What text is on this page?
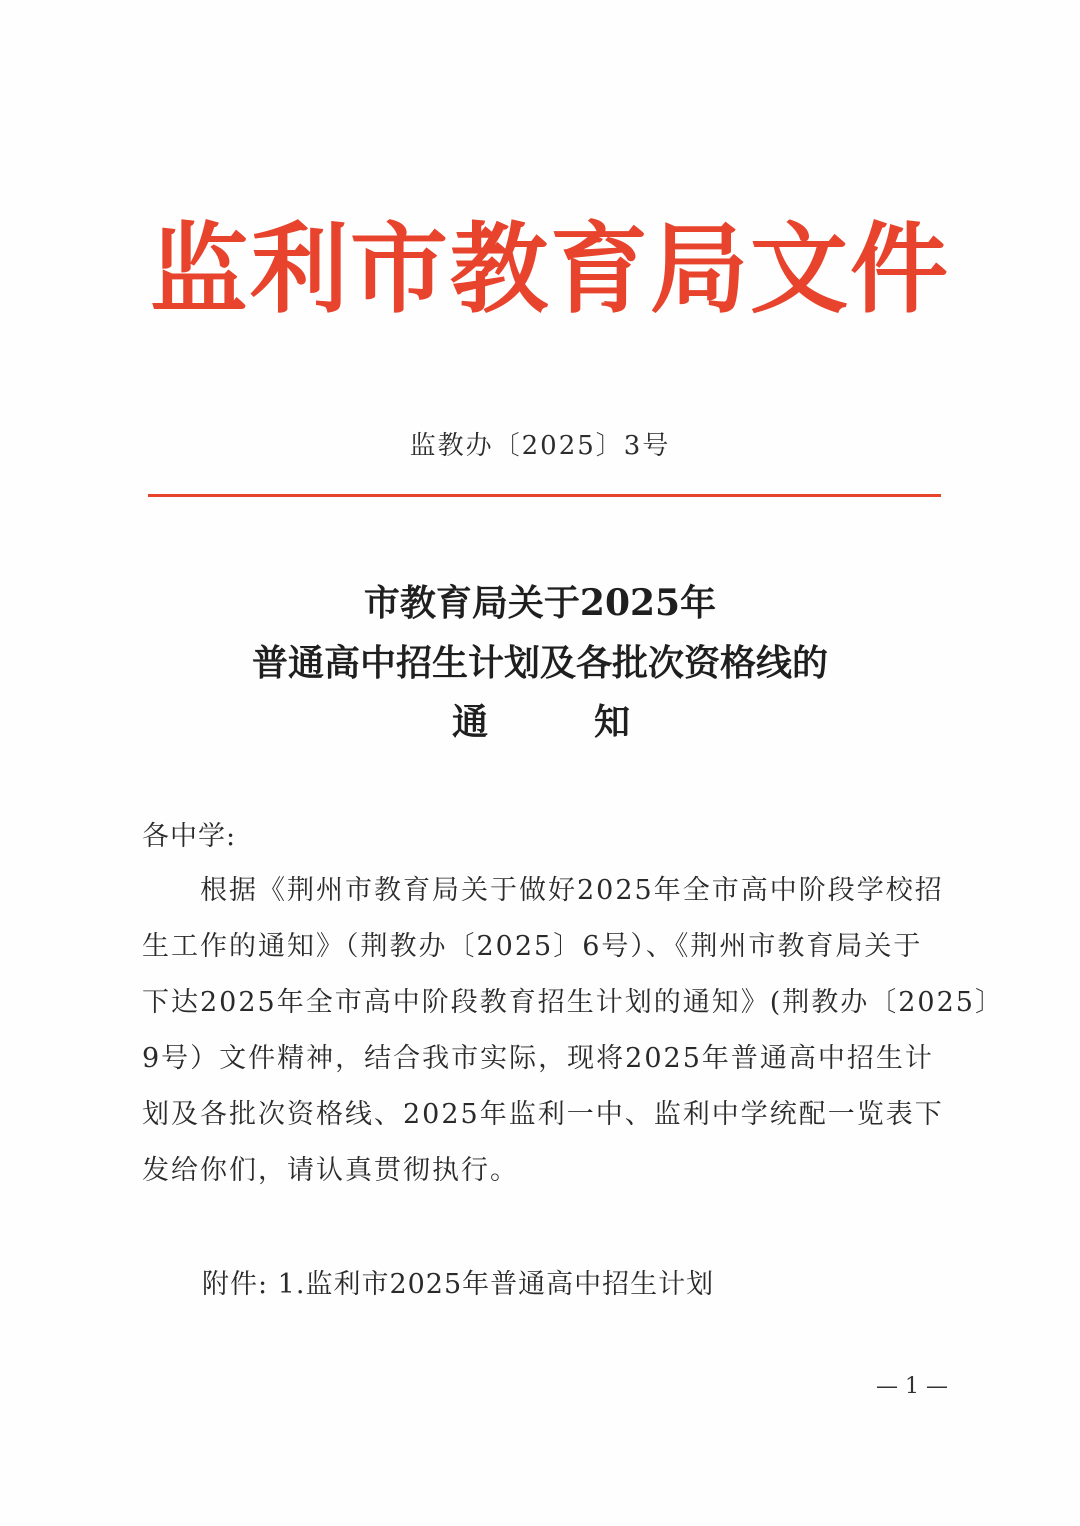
监利市教育局文件
监教办〔2025〕3号
市教育局关于2025年
普通高中招生计划及各批次资格线的
通	知
各中学:
　　根据《荆州市教育局关于做好2025年全市高中阶段学校招
生工作的通知》（荆教办〔2025〕6号）、《荆州市教育局关于
下达2025年全市高中阶段教育招生计划的通知》(荆教办〔2025〕
9号）文件精神，结合我市实际，现将2025年普通高中招生计
划及各批次资格线、2025年监利一中、监利中学统配一览表下
发给你们，请认真贯彻执行。
附件: 1.监利市2025年普通高中招生计划
— 1 —
